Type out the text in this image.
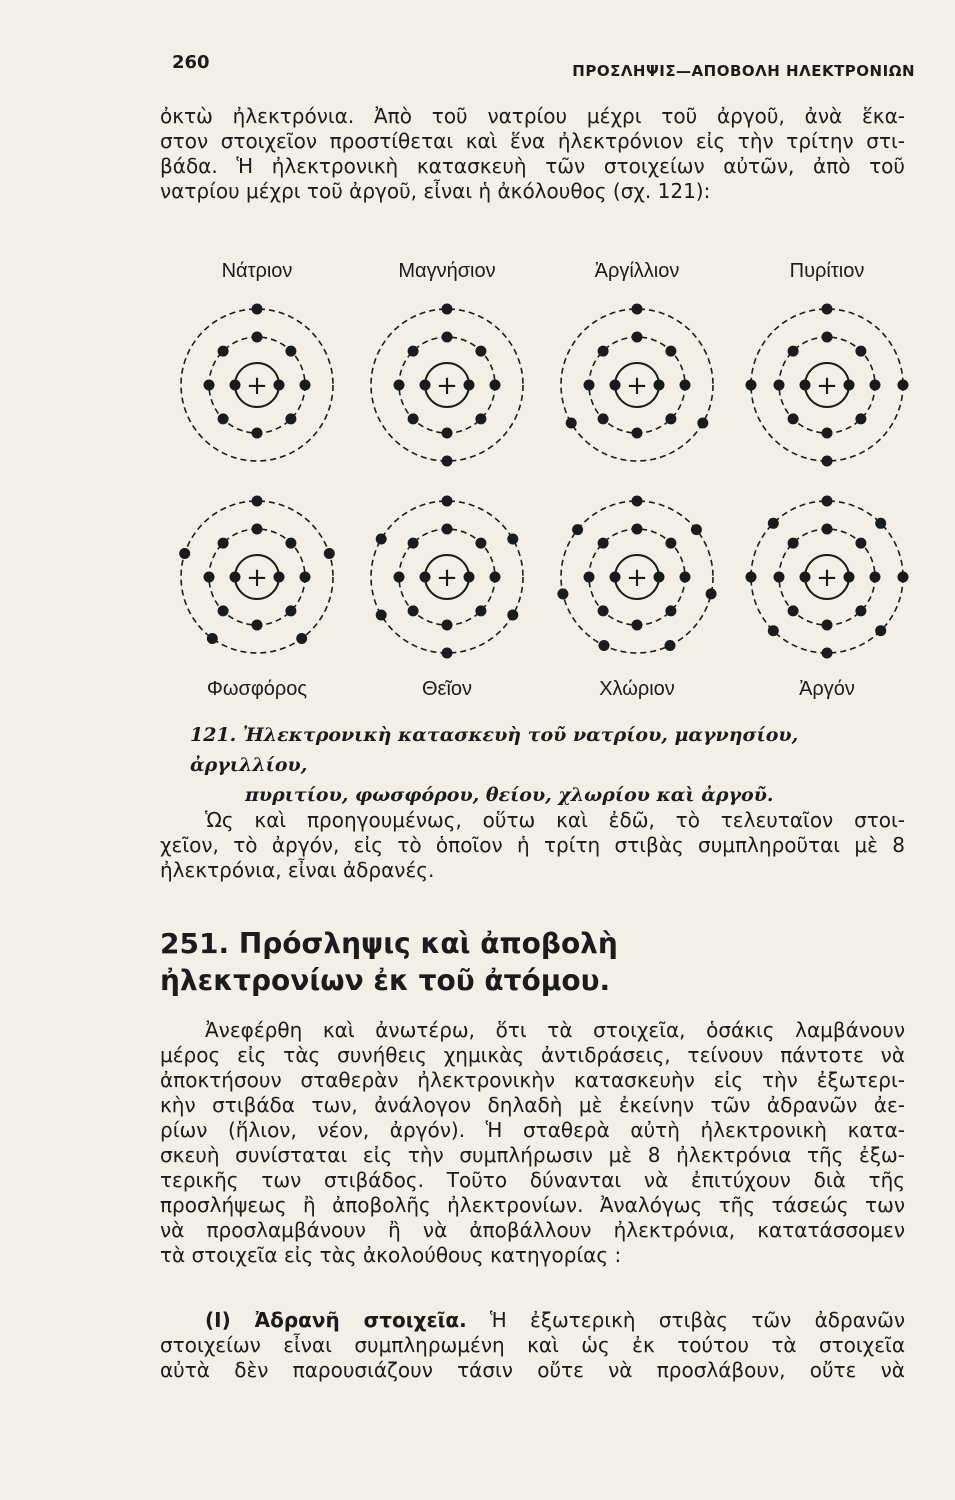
260	ΠΡΟΣΛΗΨΙΣ—ΑΠΟΒΟΛΗ ΗΛΕΚΤΡΟΝΙΩΝ

ὀκτὼ ἠλεκτρόνια. Ἀπὸ τοῦ νατρίου μέχρι τοῦ ἀργοῦ, ἀνὰ ἕκα-
στον στοιχεῖον προστίθεται καὶ ἕνα ἠλεκτρόνιον εἰς τὴν τρίτην στι-
βάδα. Ἡ ἠλεκτρονικὴ κατασκευὴ τῶν στοιχείων αὐτῶν, ἀπὸ τοῦ
νατρίου μέχρι τοῦ ἀργοῦ, εἶναι ἡ ἀκόλουθος (σχ. 121):

+	+	+	+
+	+	+	+
Νάτριον	Μαγνήσιον	Ἀργίλλιον	Πυρίτιον
Φωσφόρος	Θεῖον	Χλώριον	Ἀργόν
121. Ἠλεκτρονικὴ κατασκευὴ τοῦ νατρίου, μαγνησίου, ἀργιλλίου,
πυριτίου, φωσφόρου, θείου, χλωρίου καὶ ἀργοῦ.

Ὡς καὶ προηγουμένως, οὕτω καὶ ἐδῶ, τὸ τελευταῖον στοι-
χεῖον, τὸ ἀργόν, εἰς τὸ ὁποῖον ἡ τρίτη στιβὰς συμπληροῦται μὲ 8
ἠλεκτρόνια, εἶναι ἀδρανές.

251. Πρόσληψις καὶ ἀποβολὴ
ἠλεκτρονίων ἐκ τοῦ ἀτόμου.

Ἀνεφέρθη καὶ ἀνωτέρω, ὅτι τὰ στοιχεῖα, ὁσάκις λαμβάνουν
μέρος εἰς τὰς συνήθεις χημικὰς ἀντιδράσεις, τείνουν πάντοτε νὰ
ἀποκτήσουν σταθερὰν ἠλεκτρονικὴν κατασκευὴν εἰς τὴν ἐξωτερι-
κὴν στιβάδα των, ἀνάλογον δηλαδὴ μὲ ἐκείνην τῶν ἀδρανῶν ἀε-
ρίων (ἥλιον, νέον, ἀργόν). Ἡ σταθερὰ αὐτὴ ἠλεκτρονικὴ κατα-
σκευὴ συνίσταται εἰς τὴν συμπλήρωσιν μὲ 8 ἠλεκτρόνια τῆς ἐξω-
τερικῆς των στιβάδος. Τοῦτο δύνανται νὰ ἐπιτύχουν διὰ τῆς
προσλήψεως ἢ ἀποβολῆς ἠλεκτρονίων. Ἀναλόγως τῆς τάσεώς των
νὰ προσλαμβάνουν ἢ νὰ ἀποβάλλουν ἠλεκτρόνια, κατατάσσομεν
τὰ στοιχεῖα εἰς τὰς ἀκολούθους κατηγορίας :

(Ι) Ἀδρανῆ στοιχεῖα. Ἡ ἐξωτερικὴ στιβὰς τῶν ἀδρανῶν
στοιχείων εἶναι συμπληρωμένη καὶ ὡς ἐκ τούτου τὰ στοιχεῖα
αὐτὰ δὲν παρουσιάζουν τάσιν οὔτε νὰ προσλάβουν, οὔτε νὰ
